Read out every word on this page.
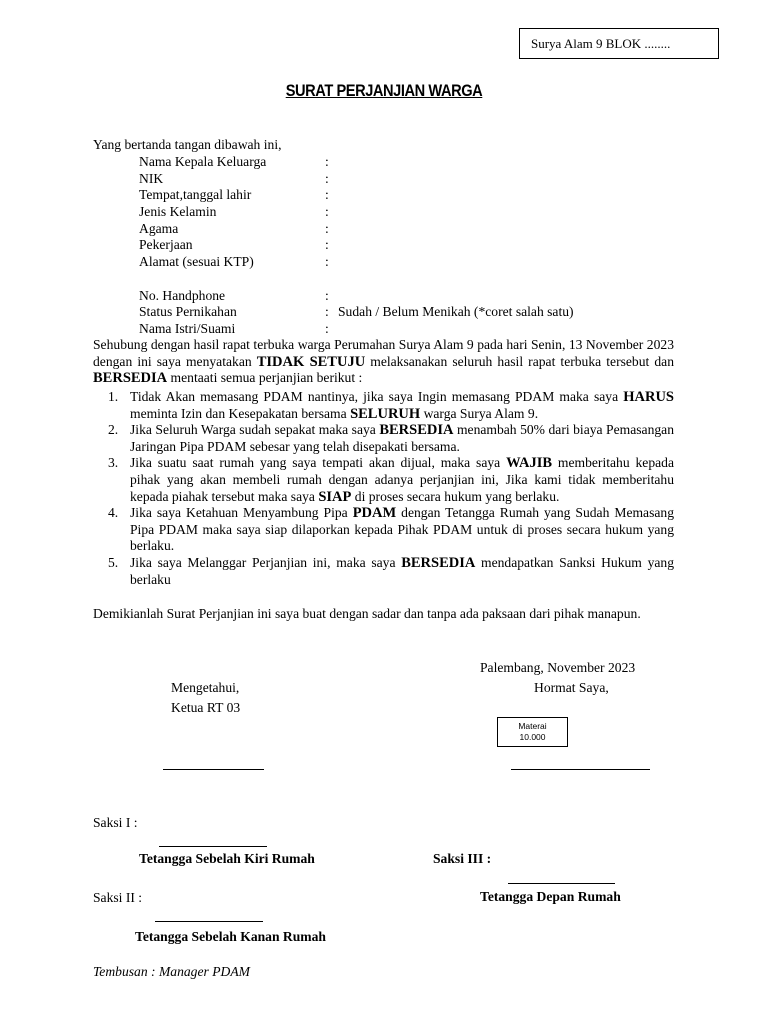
Surya Alam 9 BLOK ........
SURAT PERJANJIAN WARGA
Yang bertanda tangan dibawah ini,
Nama Kepala Keluarga	:
NIK	:
Tempat,tanggal lahir	:
Jenis Kelamin	:
Agama	:
Pekerjaan	:
Alamat (sesuai KTP)	:
No. Handphone	:
Status Pernikahan	: Sudah / Belum Menikah (*coret salah satu)
Nama Istri/Suami	:

Sehubung dengan hasil rapat terbuka warga Perumahan Surya Alam 9 pada hari Senin, 13 November 2023 dengan ini saya menyatakan TIDAK SETUJU melaksanakan seluruh hasil rapat terbuka tersebut dan BERSEDIA mentaati semua perjanjian berikut :

1. Tidak Akan memasang PDAM nantinya, jika saya Ingin memasang PDAM maka saya HARUS meminta Izin dan Kesepakatan bersama SELURUH warga Surya Alam 9.
2. Jika Seluruh Warga sudah sepakat maka saya BERSEDIA menambah 50% dari biaya Pemasangan Jaringan Pipa PDAM sebesar yang telah disepakati bersama.
3. Jika suatu saat rumah yang saya tempati akan dijual, maka saya WAJIB memberitahu kepada pihak yang akan membeli rumah dengan adanya perjanjian ini, Jika kami tidak memberitahu kepada piahak tersebut maka saya SIAP di proses secara hukum yang berlaku.
4. Jika saya Ketahuan Menyambung Pipa PDAM dengan Tetangga Rumah yang Sudah Memasang Pipa PDAM maka saya siap dilaporkan kepada Pihak PDAM untuk di proses secara hukum yang berlaku.
5. Jika saya Melanggar Perjanjian ini, maka saya BERSEDIA mendapatkan Sanksi Hukum yang berlaku

Demikianlah Surat Perjanjian ini saya buat dengan sadar dan tanpa ada paksaan dari pihak manapun.

Palembang, November 2023
Mengetahui,	Hormat Saya,
Ketua RT 03
Materai
10.000
Saksi I :
Tetangga Sebelah Kiri Rumah	Saksi III :
Tetangga Depan Rumah
Saksi II :
Tetangga Sebelah Kanan Rumah
Tembusan : Manager PDAM
